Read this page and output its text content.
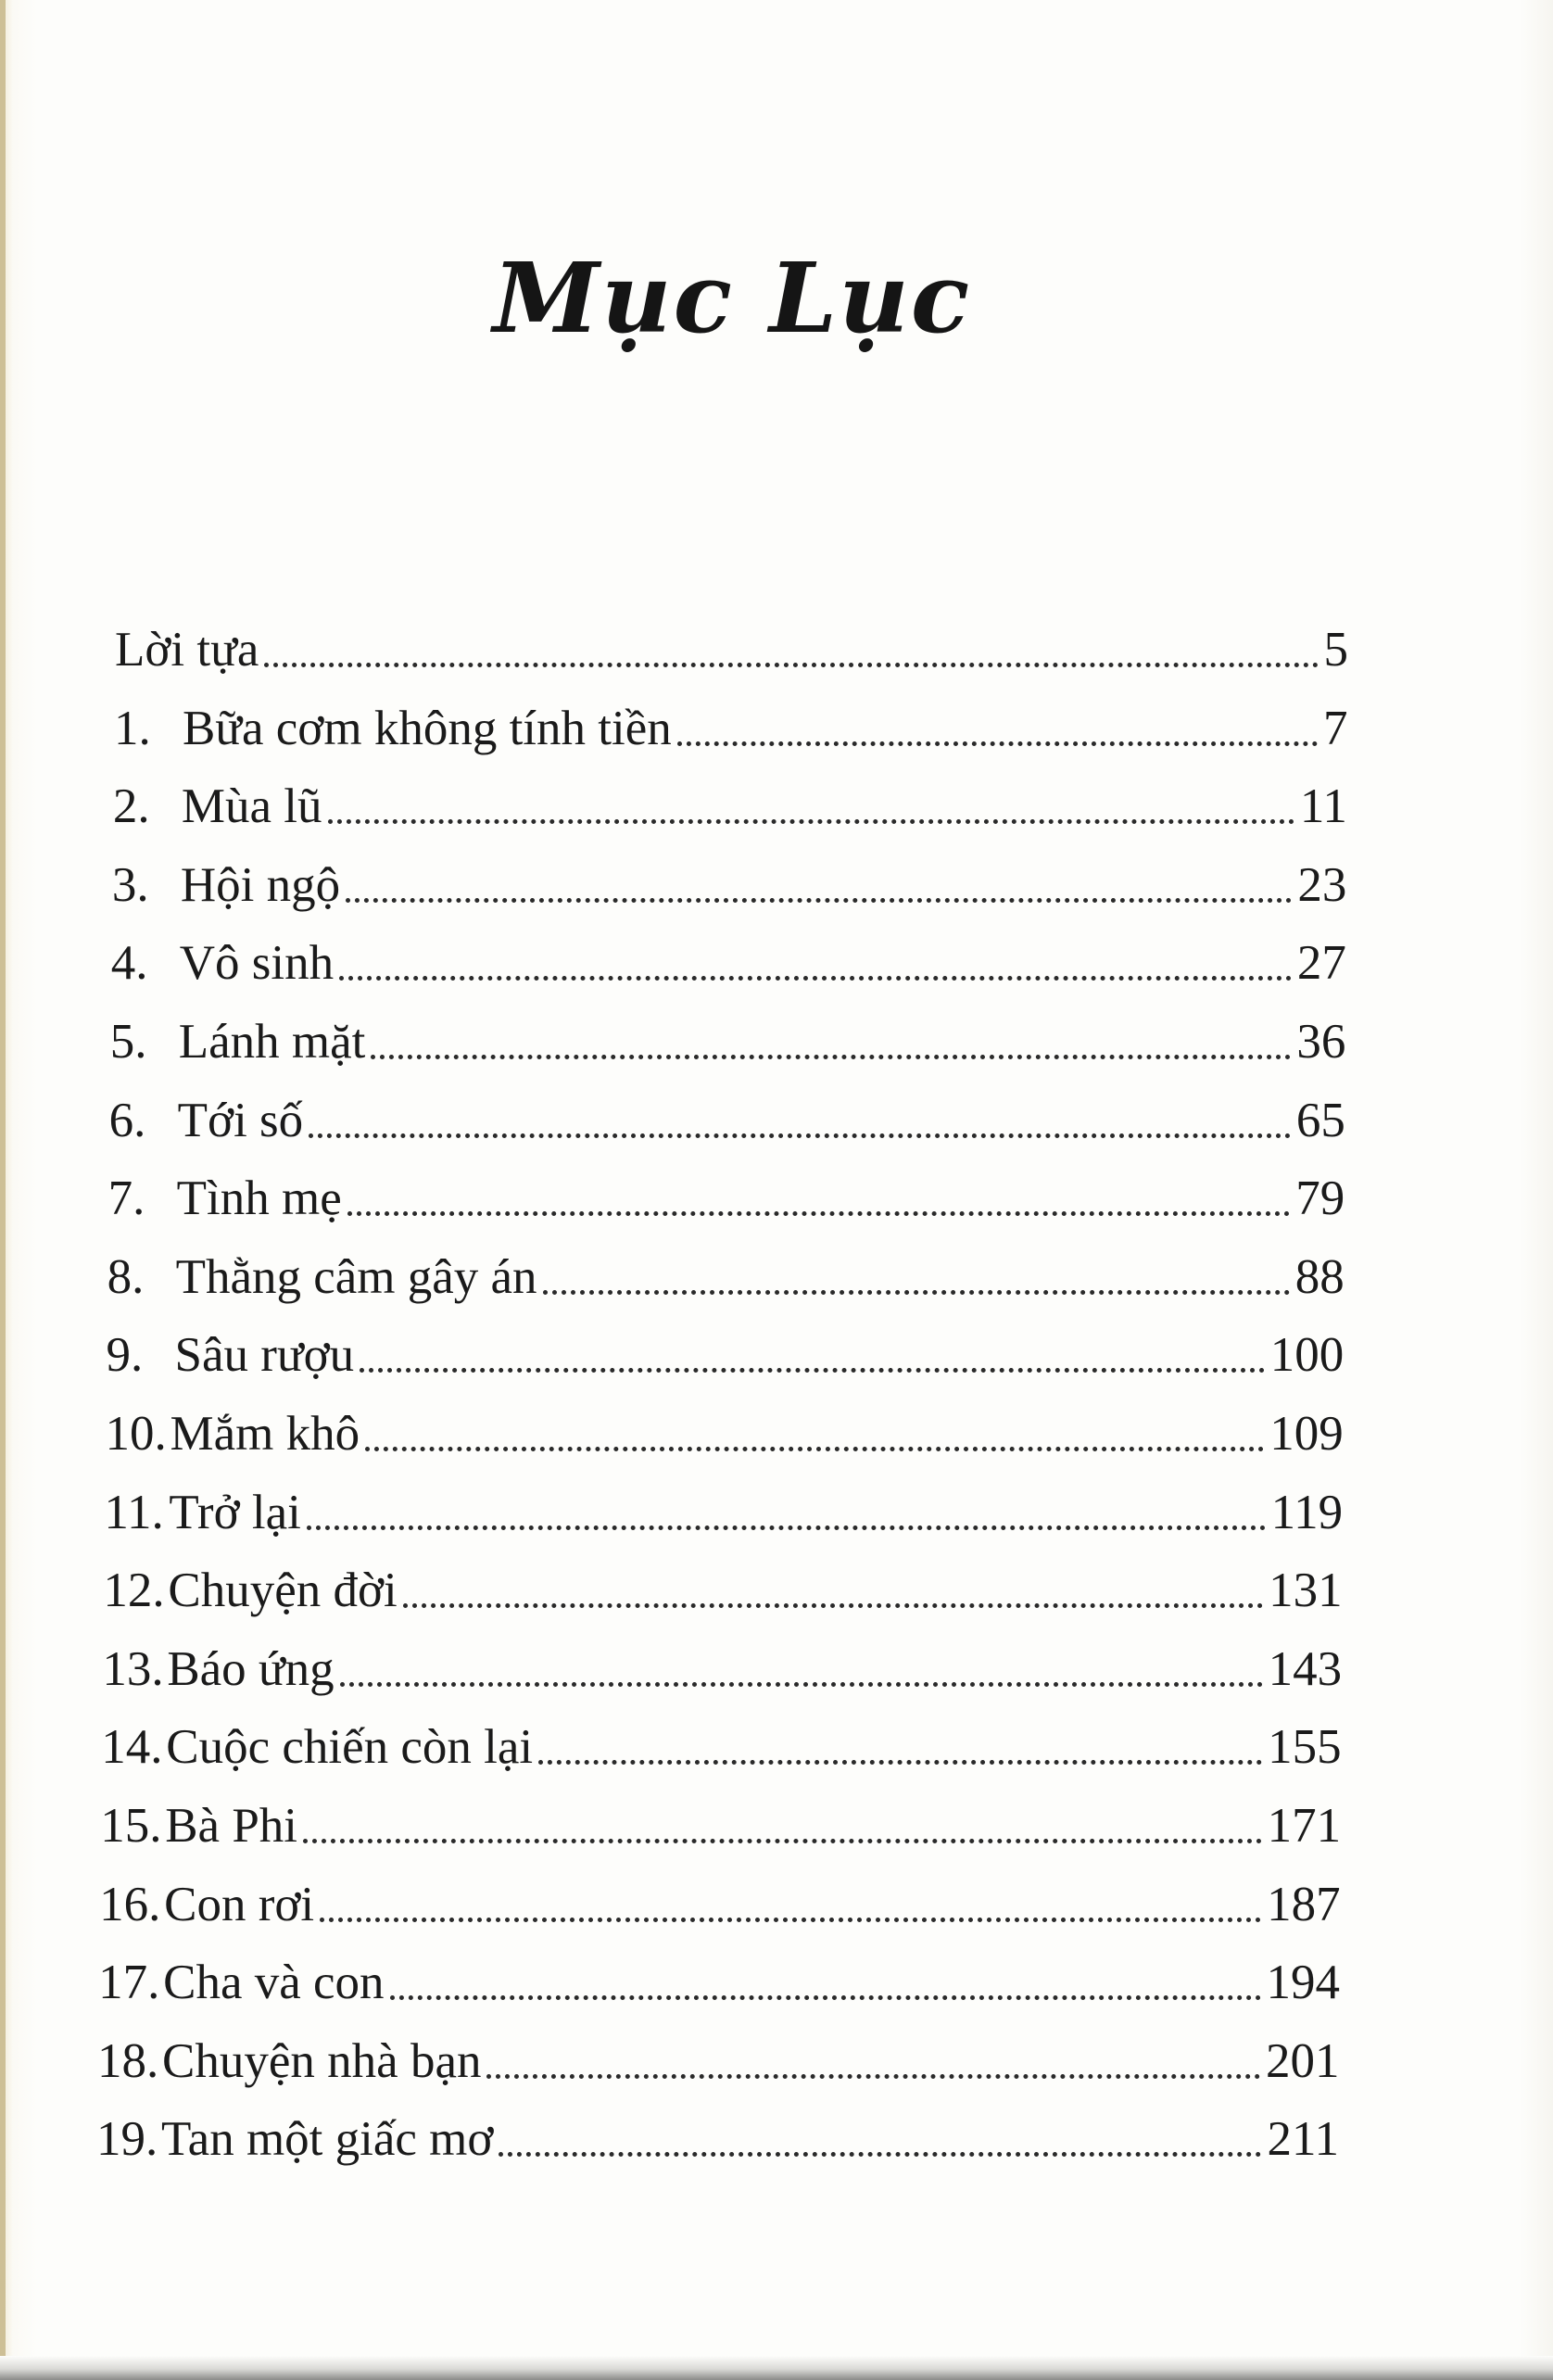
Mục Lục
Lời tựa	5
1. Bữa cơm không tính tiền	7
2. Mùa lũ	11
3. Hội ngộ	23
4. Vô sinh	27
5. Lánh mặt	36
6. Tới số	65
7. Tình mẹ	79
8. Thằng câm gây án	88
9. Sâu rượu	100
10. Mắm khô	109
11. Trở lại	119
12. Chuyện đời	131
13. Báo ứng	143
14. Cuộc chiến còn lại	155
15. Bà Phi	171
16. Con rơi	187
17. Cha và con	194
18. Chuyện nhà bạn	201
19. Tan một giấc mơ	211
